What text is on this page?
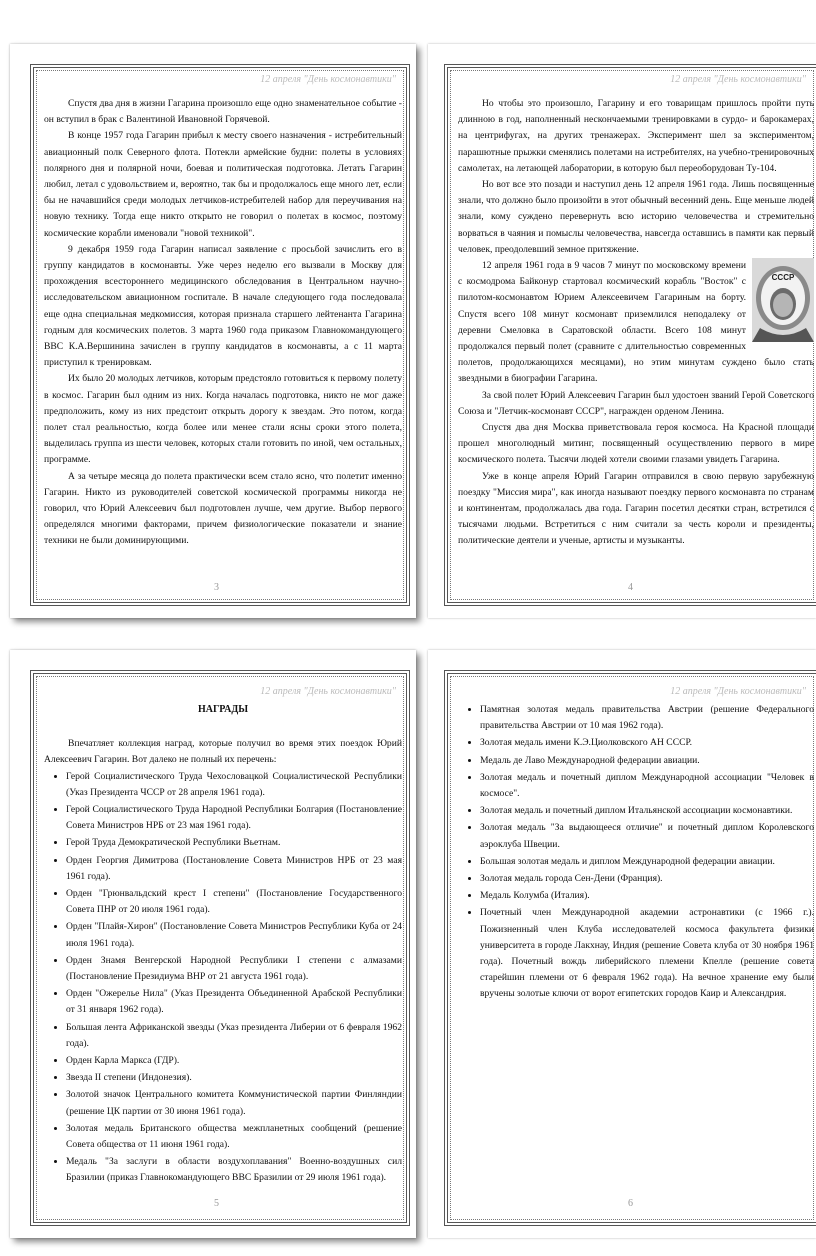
12 апреля "День космонавтики"

Спустя два дня в жизни Гагарина произошло еще одно знаменательное событие - он вступил в брак с Валентиной Ивановной Горячевой.

В конце 1957 года Гагарин прибыл к месту своего назначения - истребительный авиационный полк Северного флота. Потекли армейские будни: полеты в условиях полярного дня и полярной ночи, боевая и политическая подготовка. Летать Гагарин любил, летал с удовольствием и, вероятно, так бы и продолжалось еще много лет, если бы не начавшийся среди молодых летчиков-истребителей набор для переучивания на новую технику. Тогда еще никто открыто не говорил о полетах в космос, поэтому космические корабли именовали "новой техникой".

9 декабря 1959 года Гагарин написал заявление с просьбой зачислить его в группу кандидатов в космонавты. Уже через неделю его вызвали в Москву для прохождения всестороннего медицинского обследования в Центральном научно-исследовательском авиационном госпитале. В начале следующего года последовала еще одна специальная медкомиссия, которая признала старшего лейтенанта Гагарина годным для космических полетов. 3 марта 1960 года приказом Главнокомандующего ВВС К.А.Вершинина зачислен в группу кандидатов в космонавты, а с 11 марта приступил к тренировкам.

Их было 20 молодых летчиков, которым предстояло готовиться к первому полету в космос. Гагарин был одним из них. Когда началась подготовка, никто не мог даже предположить, кому из них предстоит открыть дорогу к звездам. Это потом, когда полет стал реальностью, когда более или менее стали ясны сроки этого полета, выделилась группа из шести человек, которых стали готовить по иной, чем остальных, программе.

А за четыре месяца до полета практически всем стало ясно, что полетит именно Гагарин. Никто из руководителей советской космической программы никогда не говорил, что Юрий Алексеевич был подготовлен лучше, чем другие. Выбор первого определялся многими факторами, причем физиологические показатели и знание техники не были доминирующими.

3
12 апреля "День космонавтики"

Но чтобы это произошло, Гагарину и его товарищам пришлось пройти путь длинною в год, наполненный нескончаемыми тренировками в сурдо- и барокамерах, на центрифугах, на других тренажерах. Эксперимент шел за экспериментом, парашютные прыжки сменялись полетами на истребителях, на учебно-тренировочных самолетах, на летающей лаборатории, в которую был переоборудован Ту-104.

Но вот все это позади и наступил день 12 апреля 1961 года. Лишь посвященные знали, что должно было произойти в этот обычный весенний день. Еще меньше людей знали, кому суждено перевернуть всю историю человечества и стремительно ворваться в чаяния и помыслы человечества, навсегда оставшись в памяти как первый человек, преодолевший земное притяжение.

СССР

12 апреля 1961 года в 9 часов 7 минут по московскому времени с космодрома Байконур стартовал космический корабль "Восток" с пилотом-космонавтом Юрием Алексеевичем Гагариным на борту. Спустя всего 108 минут космонавт приземлился неподалеку от деревни Смеловка в Саратовской области. Всего 108 минут продолжался первый полет (сравните с длительностью современных полетов, продолжающихся месяцами), но этим минутам суждено было стать звездными в биографии Гагарина.

За свой полет Юрий Алексеевич Гагарин был удостоен званий Герой Советского Союза и "Летчик-космонавт СССР", награжден орденом Ленина.

Спустя два дня Москва приветствовала героя космоса. На Красной площади прошел многолюдный митинг, посвященный осуществлению первого в мире космического полета. Тысячи людей хотели своими глазами увидеть Гагарина.

Уже в конце апреля Юрий Гагарин отправился в свою первую зарубежную поездку "Миссия мира", как иногда называют поездку первого космонавта по странам и континентам, продолжалась два года. Гагарин посетил десятки стран, встретился с тысячами людьми. Встретиться с ним считали за честь короли и президенты, политические деятели и ученые, артисты и музыканты.

4
12 апреля "День космонавтики"

НАГРАДЫ

Впечатляет коллекция наград, которые получил во время этих поездок Юрий Алексеевич Гагарин. Вот далеко не полный их перечень:

• Герой Социалистического Труда Чехословацкой Социалистической Республики (Указ Президента ЧССР от 28 апреля 1961 года).
• Герой Социалистического Труда Народной Республики Болгария (Постановление Совета Министров НРБ от 23 мая 1961 года).
• Герой Труда Демократической Республики Вьетнам.
• Орден Георгия Димитрова (Постановление Совета Министров НРБ от 23 мая 1961 года).
• Орден "Грюнвальдский крест I степени" (Постановление Государственного Совета ПНР от 20 июля 1961 года).
• Орден "Плайя-Хирон" (Постановление Совета Министров Республики Куба от 24 июля 1961 года).
• Орден Знамя Венгерской Народной Республики I степени с алмазами (Постановление Президиума ВНР от 21 августа 1961 года).
• Орден "Ожерелье Нила" (Указ Президента Объединенной Арабской Республики от 31 января 1962 года).
• Большая лента Африканской звезды (Указ президента Либерии от 6 февраля 1962 года).
• Орден Карла Маркса (ГДР).
• Звезда II степени (Индонезия).
• Золотой значок Центрального комитета Коммунистической партии Финляндии (решение ЦК партии от 30 июня 1961 года).
• Золотая медаль Британского общества межпланетных сообщений (решение Совета общества от 11 июня 1961 года).
• Медаль "За заслуги в области воздухоплавания" Военно-воздушных сил Бразилии (приказ Главнокомандующего ВВС Бразилии от 29 июля 1961 года).
5
12 апреля "День космонавтики"
• Памятная золотая медаль правительства Австрии (решение Федерального правительства Австрии от 10 мая 1962 года).
• Золотая медаль имени К.Э.Циолковского АН СССР.
• Медаль де Лаво Международной федерации авиации.
• Золотая медаль и почетный диплом Международной ассоциации "Человек в космосе".
• Золотая медаль и почетный диплом Итальянской ассоциации космонавтики.
• Золотая медаль "За выдающееся отличие" и почетный диплом Королевского аэроклуба Швеции.
• Большая золотая медаль и диплом Международной федерации авиации.
• Золотая медаль города Сен-Дени (Франция).
• Медаль Колумба (Италия).
• Почетный член Международной академии астронавтики (с 1966 г.). Пожизненный член Клуба исследователей космоса факультета физики университета в городе Лакхнау, Индия (решение Совета клуба от 30 ноября 1961 года). Почетный вождь либерийского племени Кпелле (решение совета старейшин племени от 6 февраля 1962 года). На вечное хранение ему были вручены золотые ключи от ворот египетских городов Каир и Александрия.
6
